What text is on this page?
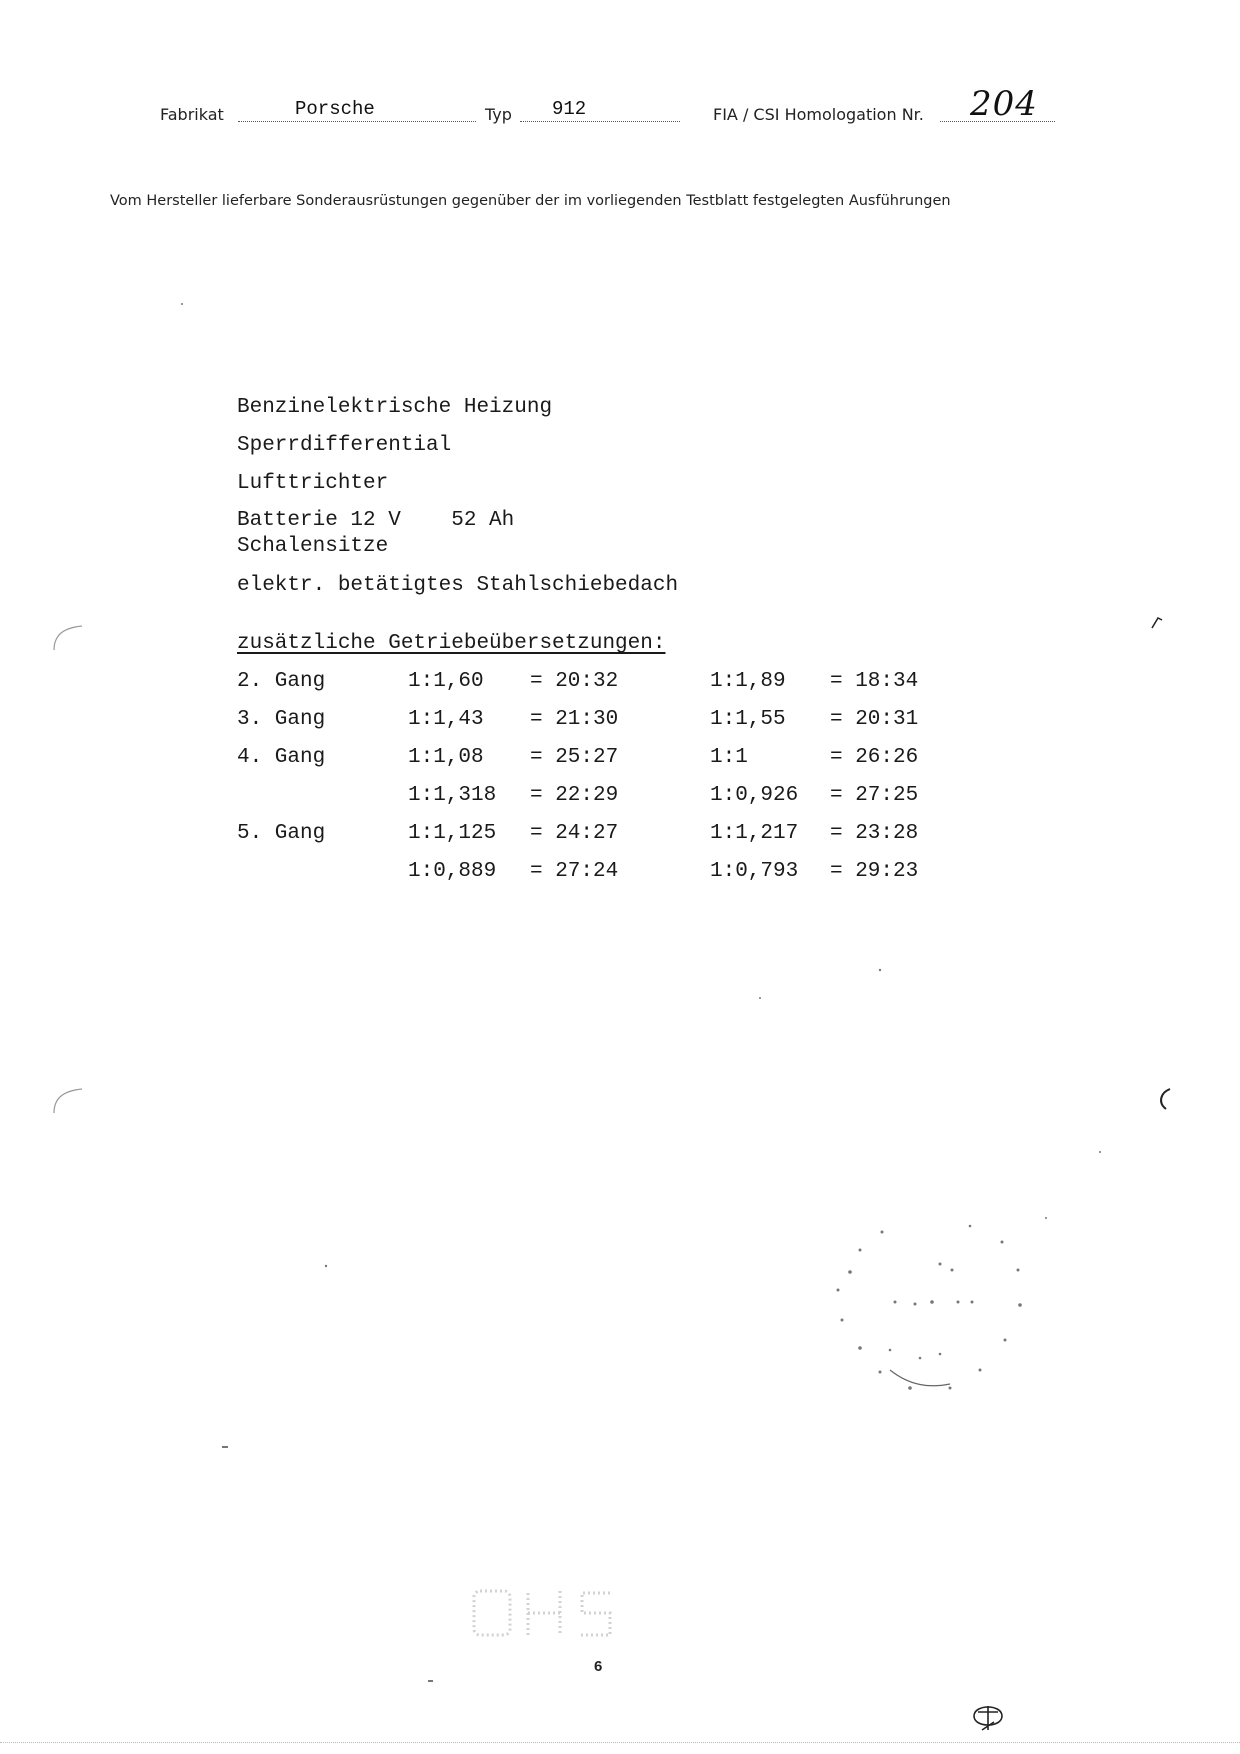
Fabrikat	Porsche	Typ 912	FIA / CSI Homologation Nr. 204
Vom Hersteller lieferbare Sonderausrüstungen gegenüber der im vorliegenden Testblatt festgelegten Ausführungen
Benzinelektrische Heizung
Sperrdifferential
Lufttrichter
Batterie 12 V    52 Ah
Schalensitze
elektr. betätigtes Stahlschiebedach
zusätzliche Getriebeübersetzungen:
2. Gang	1:1,60 = 20:32	1:1,89 = 18:34
3. Gang	1:1,43 = 21:30	1:1,55 = 20:31
4. Gang	1:1,08 = 25:27	1:1	= 26:26
1:1,318 = 22:29	1:0,926 = 27:25
5. Gang	1:1,125 = 24:27	1:1,217 = 23:28
1:0,889 = 27:24	1:0,793 = 29:23
6
